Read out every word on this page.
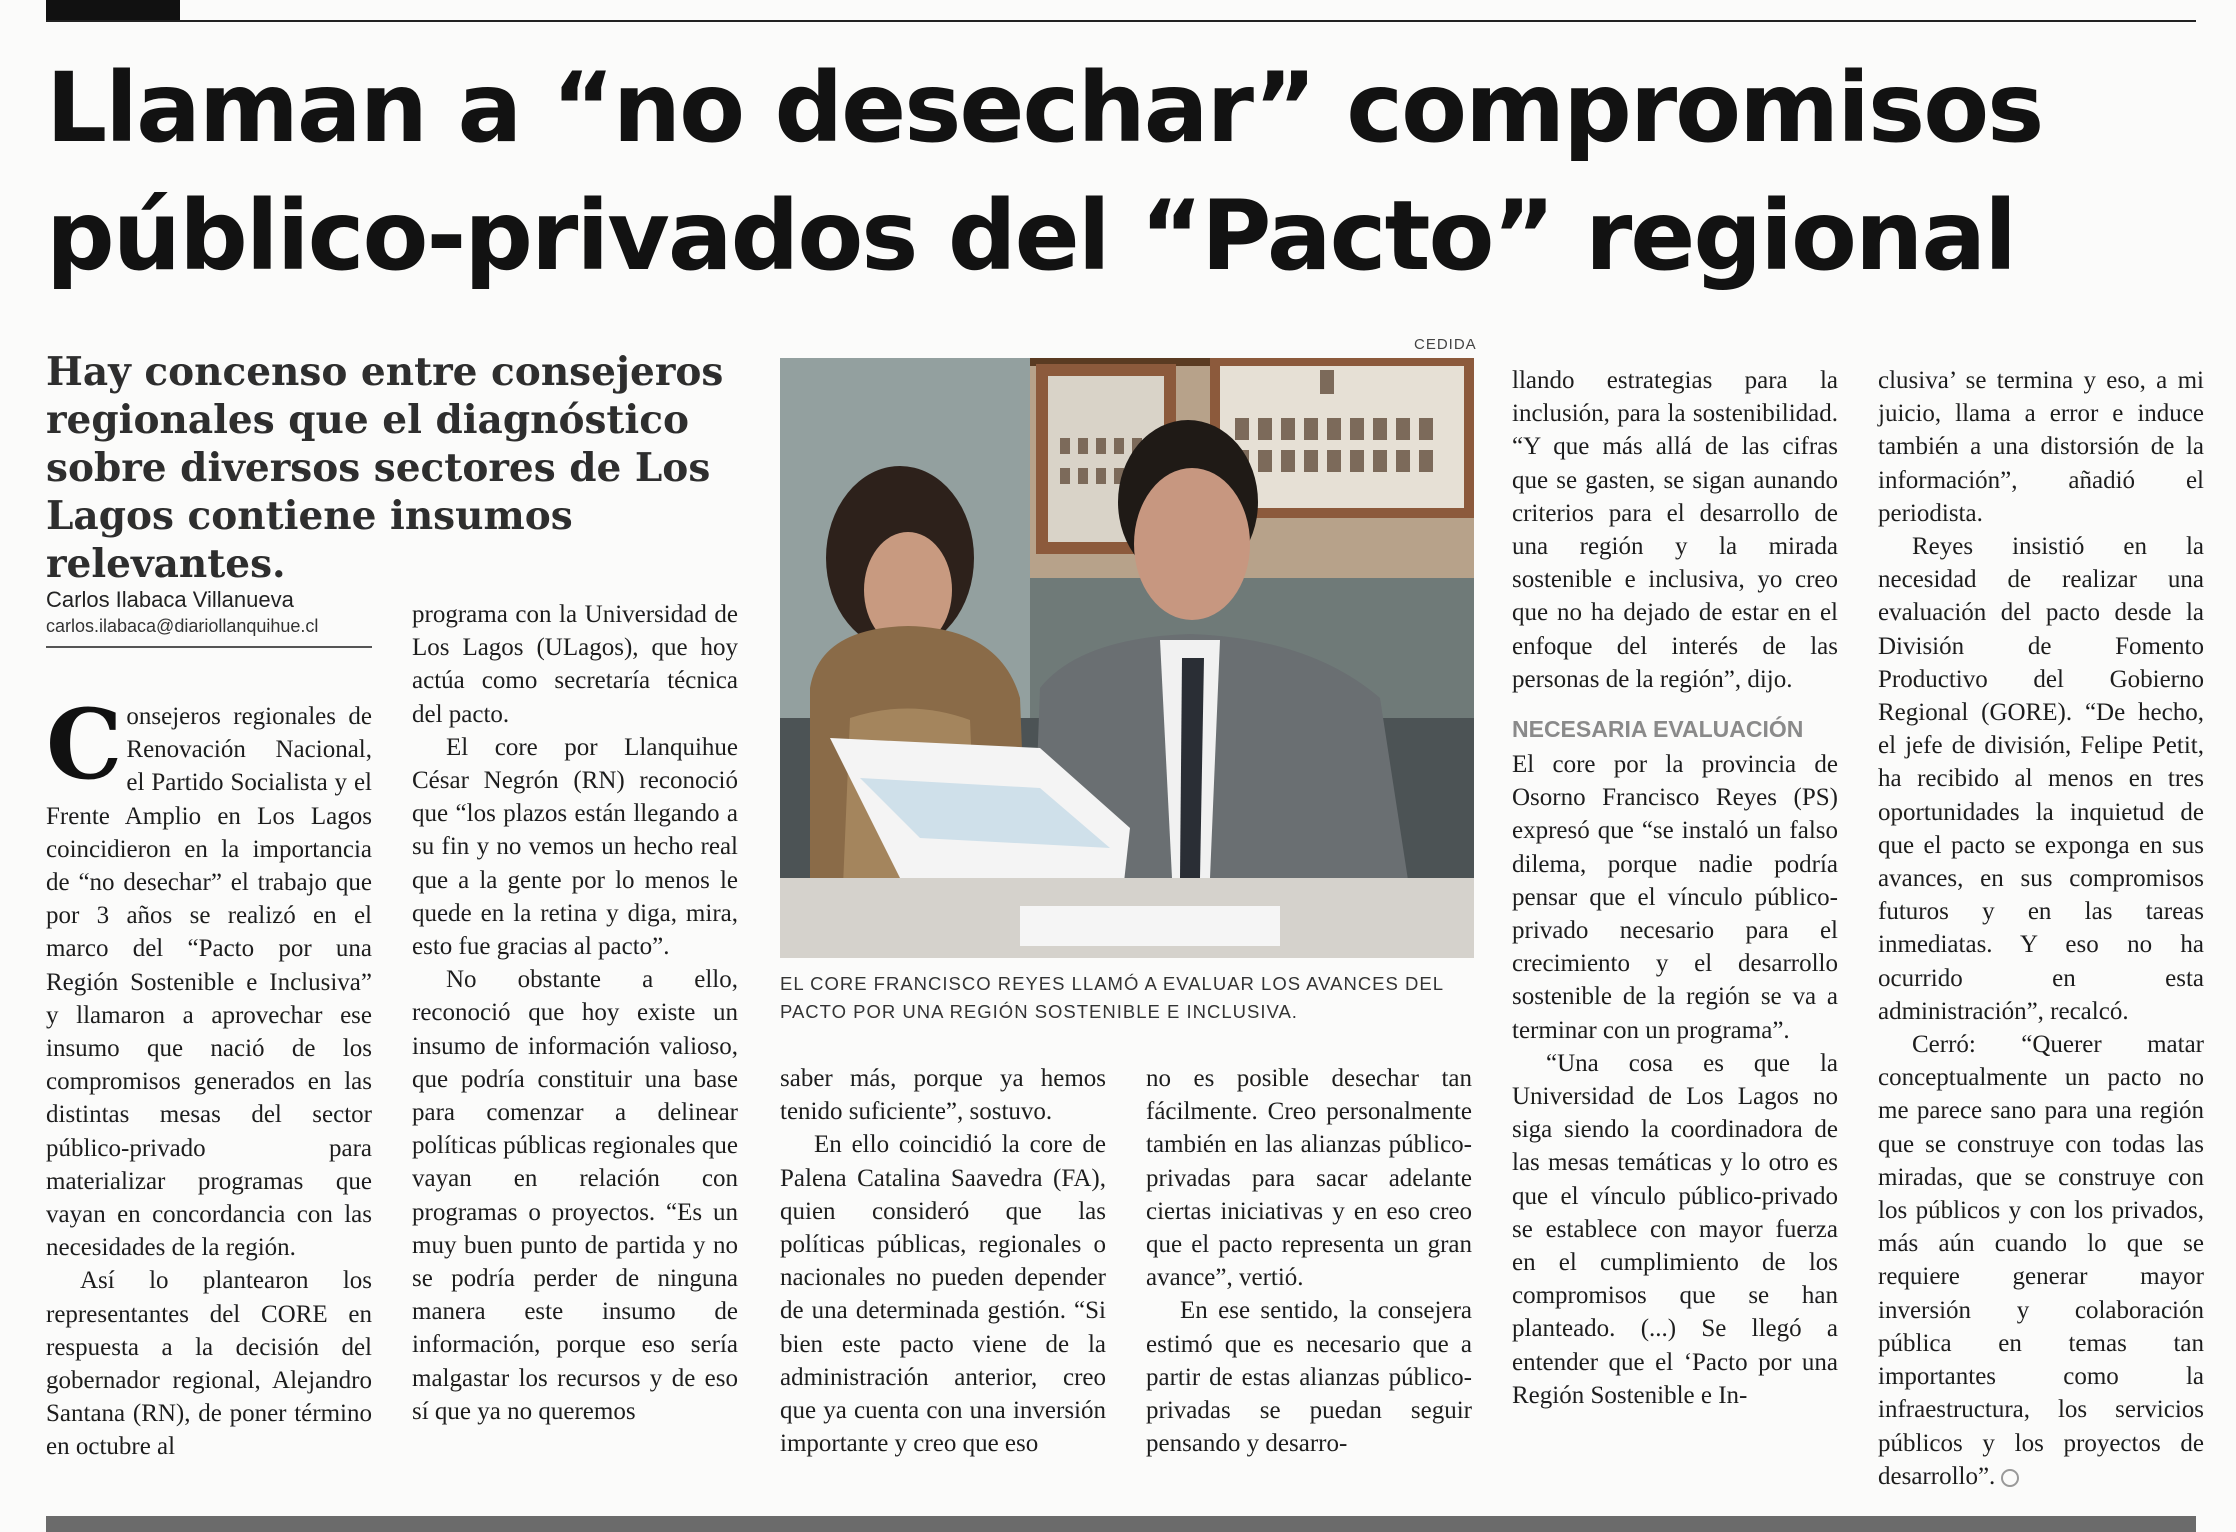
Llaman a “no desechar” compromisos
público-privados del “Pacto” regional

Hay concenso entre consejeros regionales que el diagnóstico sobre diversos sectores de Los Lagos contiene insumos relevantes.

Carlos Ilabaca Villanueva
carlos.ilabaca@diariollanquihue.cl

Consejeros regionales de Renovación Nacional, el Partido Socialista y el Frente Amplio en Los Lagos coincidieron en la importancia de “no desechar” el trabajo que por 3 años se realizó en el marco del “Pacto por una Región Sostenible e Inclusiva” y llamaron a aprovechar ese insumo que nació de los compromisos generados en las distintas mesas del sector público-privado para materializar programas que vayan en concordancia con las necesidades de la región.

Así lo plantearon los representantes del CORE en respuesta a la decisión del gobernador regional, Alejandro Santana (RN), de poner término en octubre al

programa con la Universidad de Los Lagos (ULagos), que hoy actúa como secretaría técnica del pacto.

El core por Llanquihue César Negrón (RN) reconoció que “los plazos están llegando a su fin y no vemos un hecho real que a la gente por lo menos le quede en la retina y diga, mira, esto fue gracias al pacto”.

No obstante a ello, reconoció que hoy existe un insumo de información valioso, que podría constituir una base para comenzar a delinear políticas públicas regionales que vayan en relación con programas o proyectos. “Es un muy buen punto de partida y no se podría perder de ninguna manera este insumo de información, porque eso sería malgastar los recursos y de eso sí que ya no queremos

CEDIDA
EL CORE FRANCISCO REYES LLAMÓ A EVALUAR LOS AVANCES DEL PACTO POR UNA REGIÓN SOSTENIBLE E INCLUSIVA.

saber más, porque ya hemos tenido suficiente”, sostuvo.

En ello coincidió la core de Palena Catalina Saavedra (FA), quien consideró que las políticas públicas, regionales o nacionales no pueden depender de una determinada gestión. “Si bien este pacto viene de la administración anterior, creo que ya cuenta con una inversión importante y creo que eso

no es posible desechar tan fácilmente. Creo personalmente también en las alianzas público-privadas para sacar adelante ciertas iniciativas y en eso creo que el pacto representa un gran avance”, vertió.

En ese sentido, la consejera estimó que es necesario que a partir de estas alianzas público-privadas se puedan seguir pensando y desarro-

llando estrategias para la inclusión, para la sostenibilidad. “Y que más allá de las cifras que se gasten, se sigan aunando criterios para el desarrollo de una región y la mirada sostenible e inclusiva, yo creo que no ha dejado de estar en el enfoque del interés de las personas de la región”, dijo.

NECESARIA EVALUACIÓN

El core por la provincia de Osorno Francisco Reyes (PS) expresó que “se instaló un falso dilema, porque nadie podría pensar que el vínculo público-privado necesario para el crecimiento y el desarrollo sostenible de la región se va a terminar con un programa”.

“Una cosa es que la Universidad de Los Lagos no siga siendo la coordinadora de las mesas temáticas y lo otro es que el vínculo público-privado se establece con mayor fuerza en el cumplimiento de los compromisos que se han planteado. (...) Se llegó a entender que el ‘Pacto por una Región Sostenible e In-

clusiva’ se termina y eso, a mi juicio, llama a error e induce también a una distorsión de la información”, añadió el periodista.

Reyes insistió en la necesidad de realizar una evaluación del pacto desde la División de Fomento Productivo del Gobierno Regional (GORE). “De hecho, el jefe de división, Felipe Petit, ha recibido al menos en tres oportunidades la inquietud de que el pacto se exponga en sus avances, en sus compromisos futuros y en las tareas inmediatas. Y eso no ha ocurrido en esta administración”, recalcó.

Cerró: “Querer matar conceptualmente un pacto no me parece sano para una región que se construye con todas las miradas, que se construye con los públicos y con los privados, más aún cuando lo que se requiere generar mayor inversión y colaboración pública en temas tan importantes como la infraestructura, los servicios públicos y los proyectos de desarrollo”.
